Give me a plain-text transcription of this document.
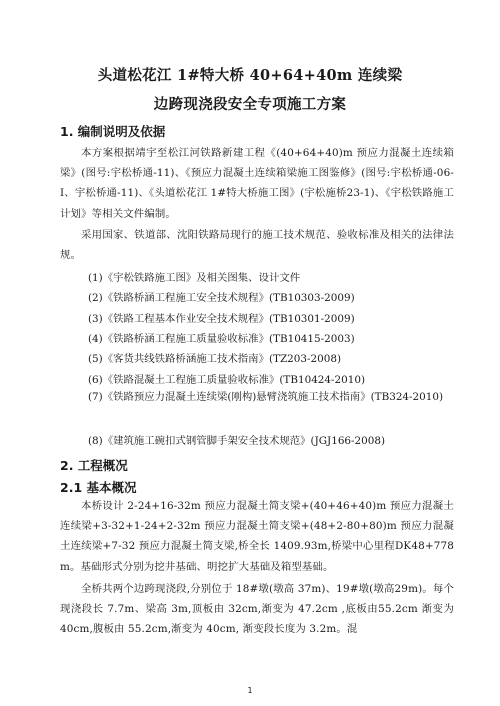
头道松花江 1#特大桥 40+64+40m 连续梁
边跨现浇段安全专项施工方案
1. 编制说明及依据
本方案根据靖宇至松江河铁路新建工程《(40+64+40)m 预应力混凝土连续箱梁》(图号:宇松桥通-11)、《预应力混凝土连续箱梁施工图鉴修》(图号:宇松桥通-06-Ⅰ、宇松桥通-11)、《头道松花江 1#特大桥施工图》(宇松施桥23-1)、《宇松铁路施工计划》等相关文件编制。
采用国家、铁道部、沈阳铁路局现行的施工技术规范、验收标准及相关的法律法规。
(1)《宇松铁路施工图》及相关图集、设计文件
(2)《铁路桥涵工程施工安全技术规程》(TB10303-2009)
(3)《铁路工程基本作业安全技术规程》(TB10301-2009)
(4)《铁路桥涵工程施工质量验收标准》(TB10415-2003)
(5)《客货共线铁路桥涵施工技术指南》(TZ203-2008)
(6)《铁路混凝土工程施工质量验收标准》(TB10424-2010)
(7)《铁路预应力混凝土连续梁(刚构)悬臂浇筑施工技术指南》(TB324-2010)
(8)《建筑施工碗扣式钢管脚手架安全技术规范》(JGJ166-2008)
2. 工程概况
2.1 基本概况
本桥设计 2-24+16-32m 预应力混凝土简支梁+(40+46+40)m 预应力混凝土连续梁+3-32+1-24+2-32m 预应力混凝土简支梁+(48+2-80+80)m 预应力混凝土连续梁+7-32 预应力混凝土简支梁,桥全长 1409.93m,桥梁中心里程DK48+778m。基础形式分别为挖井基础、明挖扩大基础及箱型基础。
全桥共两个边跨现浇段,分别位于 18#墩(墩高 37m)、19#墩(墩高29m)。每个现浇段长 7.7m、梁高 3m,顶板由 32cm,渐变为 47.2cm ,底板由55.2cm 渐变为 40cm,腹板由 55.2cm,渐变为 40cm, 渐变段长度为 3.2m。混
1
